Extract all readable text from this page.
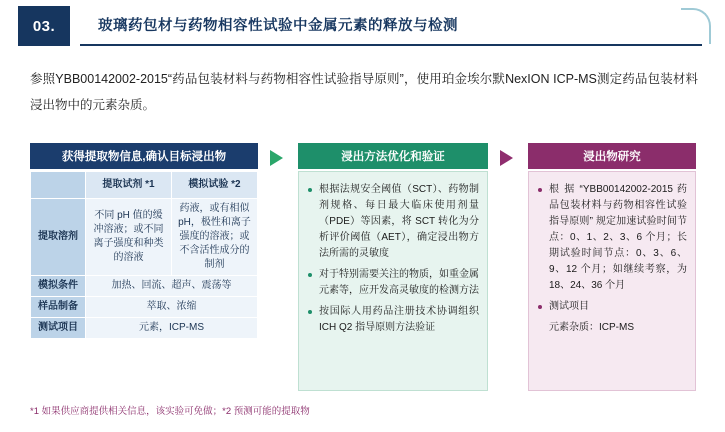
03.	玻璃药包材与药物相容性试验中金属元素的释放与检测
参照YBB00142002-2015“药品包装材料与药物相容性试验指导原则”，使用珀金埃尔默NexION ICP-MS测定药品包装材料浸出物中的元素杂质。
获得提取物信息,确认目标浸出物
	提取试剂 *1	模拟试验 *2
提取溶剂	不同 pH 值的缓冲溶液；或不同离子强度和种类的溶液	药液，或有相似 pH，极性和离子强度的溶液；或不含活性成分的制剂
模拟条件	加热、回流、超声、震荡等	
样品制备	萃取、浓缩	
测试项目	元素，ICP-MS	
浸出方法优化和验证
根据法规安全阈值（SCT）、药物制剂规格、每日最大临床使用剂量（PDE）等因素，将 SCT 转化为分析评价阈值（AET），确定浸出物方法所需的灵敏度
对于特别需要关注的物质，如重金属元素等，应开发高灵敏度的检测方法
按国际人用药品注册技术协调组织 ICH Q2 指导原则方法验证
浸出物研究
根 据 “YBB00142002-2015 药品包装材料与药物相容性试验指导原则” 规定加速试验时间节点：0、1、2、3、6 个月；长期试验时间节点：0、3、6、9、12 个月；如继续考察，为 18、24、36 个月
测试项目
元素杂质：ICP-MS
*1 如果供应商提供相关信息，该实验可免做；*2 预测可能的提取物
